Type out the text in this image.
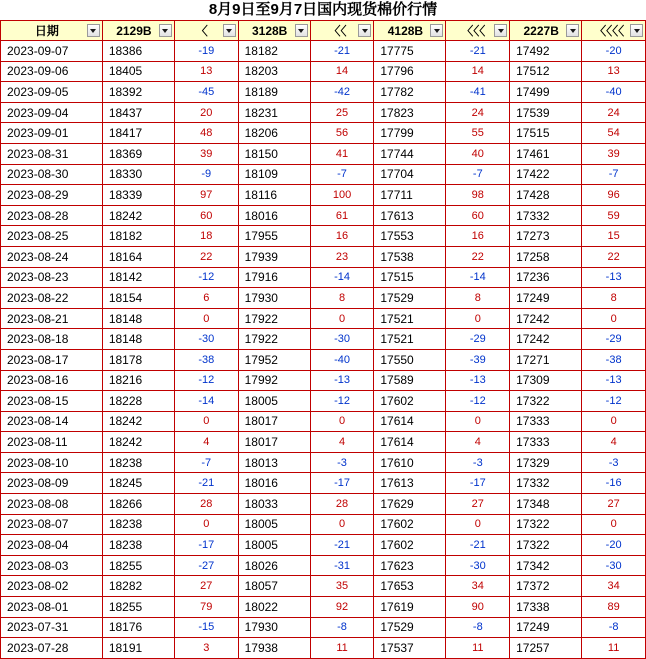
8月9日至9月7日国内现货棉价行情
日期	2129B	〈	3128B	〈〈	4128B	〈〈〈	2227B	〈〈〈〈

2023-09-07	18386	-19	18182	-21	17775	-21	17492	-20
2023-09-06	18405	13	18203	14	17796	14	17512	13
2023-09-05	18392	-45	18189	-42	17782	-41	17499	-40
2023-09-04	18437	20	18231	25	17823	24	17539	24
2023-09-01	18417	48	18206	56	17799	55	17515	54
2023-08-31	18369	39	18150	41	17744	40	17461	39
2023-08-30	18330	-9	18109	-7	17704	-7	17422	-7
2023-08-29	18339	97	18116	100	17711	98	17428	96
2023-08-28	18242	60	18016	61	17613	60	17332	59
2023-08-25	18182	18	17955	16	17553	16	17273	15
2023-08-24	18164	22	17939	23	17538	22	17258	22
2023-08-23	18142	-12	17916	-14	17515	-14	17236	-13
2023-08-22	18154	6	17930	8	17529	8	17249	8
2023-08-21	18148	0	17922	0	17521	0	17242	0
2023-08-18	18148	-30	17922	-30	17521	-29	17242	-29
2023-08-17	18178	-38	17952	-40	17550	-39	17271	-38
2023-08-16	18216	-12	17992	-13	17589	-13	17309	-13
2023-08-15	18228	-14	18005	-12	17602	-12	17322	-12
2023-08-14	18242	0	18017	0	17614	0	17333	0
2023-08-11	18242	4	18017	4	17614	4	17333	4
2023-08-10	18238	-7	18013	-3	17610	-3	17329	-3
2023-08-09	18245	-21	18016	-17	17613	-17	17332	-16
2023-08-08	18266	28	18033	28	17629	27	17348	27
2023-08-07	18238	0	18005	0	17602	0	17322	0
2023-08-04	18238	-17	18005	-21	17602	-21	17322	-20
2023-08-03	18255	-27	18026	-31	17623	-30	17342	-30
2023-08-02	18282	27	18057	35	17653	34	17372	34
2023-08-01	18255	79	18022	92	17619	90	17338	89
2023-07-31	18176	-15	17930	-8	17529	-8	17249	-8
2023-07-28	18191	3	17938	11	17537	11	17257	11
